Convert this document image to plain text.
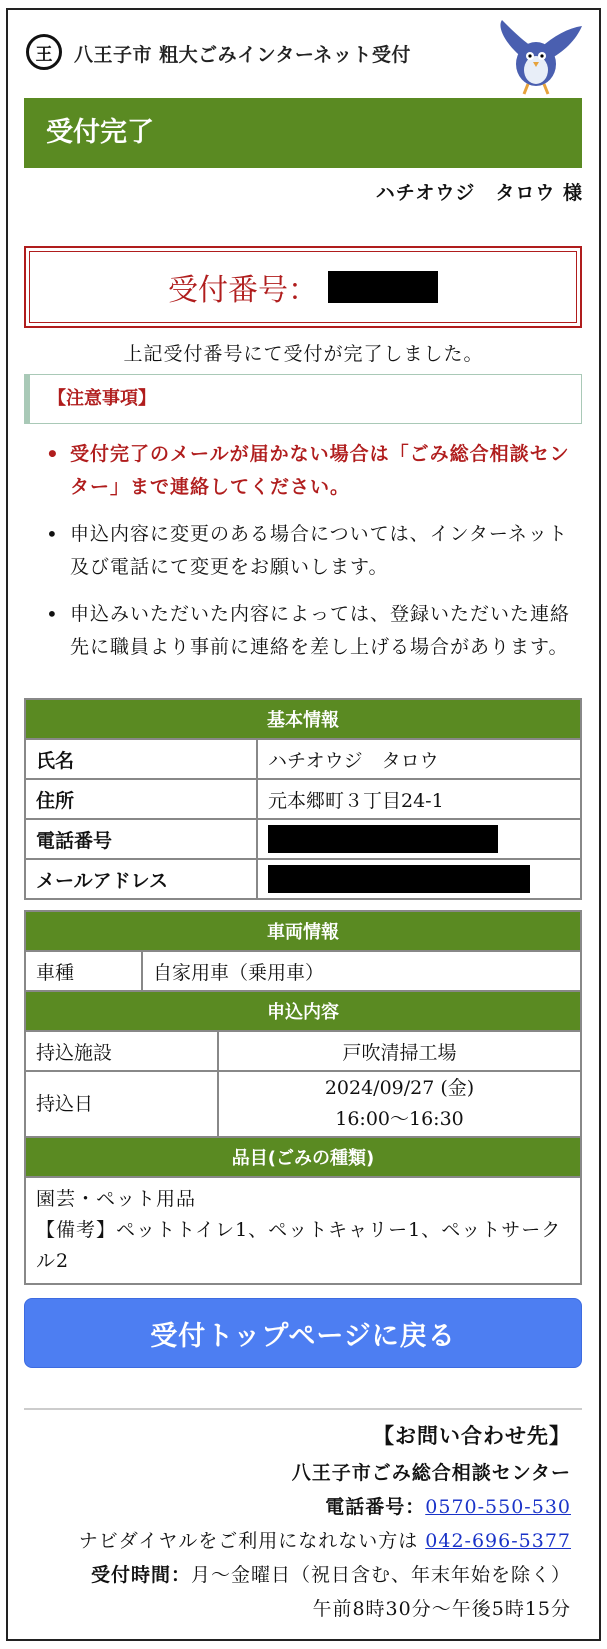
王	八王子市 粗大ごみインターネット受付
受付完了
ハチオウジ　タロウ 様
受付番号：
上記受付番号にて受付が完了しました。
【注意事項】
• 受付完了のメールが届かない場合は「ごみ総合相談センター」まで連絡してください。
• 申込内容に変更のある場合については、インターネット及び電話にて変更をお願いします。
• 申込みいただいた内容によっては、登録いただいた連絡先に職員より事前に連絡を差し上げる場合があります。
基本情報	
氏名	ハチオウジ　タロウ
住所	元本郷町３丁目24-1
電話番号	

メールアドレス	
車両情報
車種	自家用車（乗用車）
申込内容	
持込施設	戸吹清掃工場
持込日	2024/09/27 (金)
16:00〜16:30

品目(ごみの種類)	

園芸・ペット用品
【備考】ペットトイレ1、ペットキャリー1、ペットサークル2	
受付トップページに戻る
【お問い合わせ先】
八王子市ごみ総合相談センター
電話番号：0570-550-530
ナビダイヤルをご利用になれない方は 042-696-5377
受付時間：月〜金曜日（祝日含む、年末年始を除く）
午前8時30分〜午後5時15分
